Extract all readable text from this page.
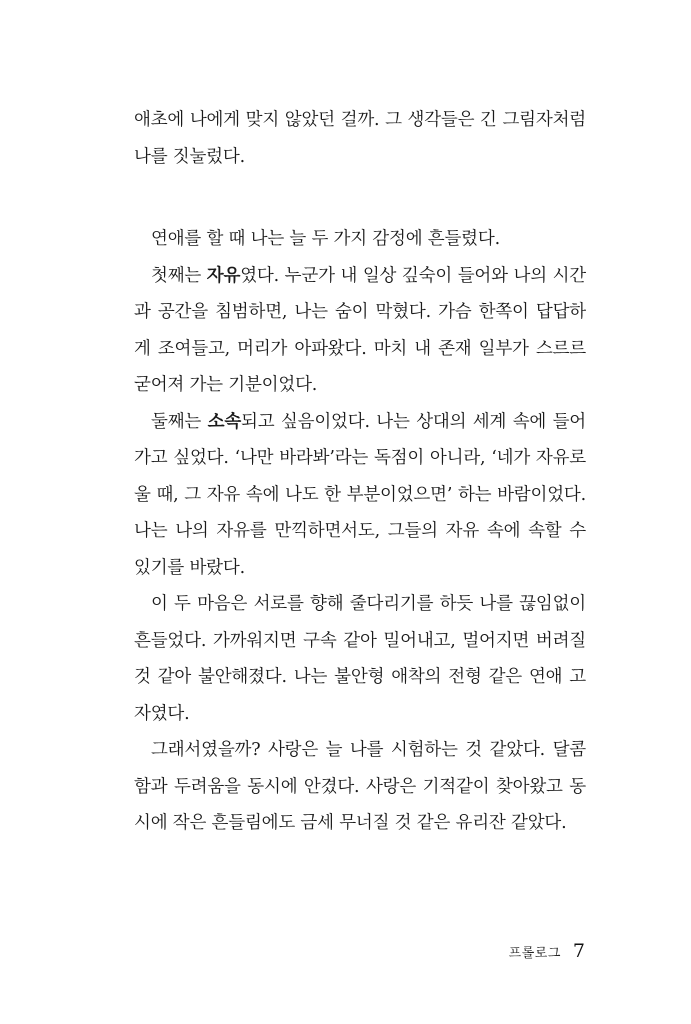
애초에 나에게 맞지 않았던 걸까. 그 생각들은 긴 그림자처럼 나를 짓눌렀다.

연애를 할 때 나는 늘 두 가지 감정에 흔들렸다.

첫째는 자유였다. 누군가 내 일상 깊숙이 들어와 나의 시간과 공간을 침범하면, 나는 숨이 막혔다. 가슴 한쪽이 답답하게 조여들고, 머리가 아파왔다. 마치 내 존재 일부가 스르르 굳어져 가는 기분이었다.

둘째는 소속되고 싶음이었다. 나는 상대의 세계 속에 들어가고 싶었다. ‘나만 바라봐’라는 독점이 아니라, ‘네가 자유로울 때, 그 자유 속에 나도 한 부분이었으면’ 하는 바람이었다. 나는 나의 자유를 만끽하면서도, 그들의 자유 속에 속할 수 있기를 바랐다.

이 두 마음은 서로를 향해 줄다리기를 하듯 나를 끊임없이 흔들었다. 가까워지면 구속 같아 밀어내고, 멀어지면 버려질 것 같아 불안해졌다. 나는 불안형 애착의 전형 같은 연애 고자였다.

그래서였을까? 사랑은 늘 나를 시험하는 것 같았다. 달콤함과 두려움을 동시에 안겼다. 사랑은 기적같이 찾아왔고 동시에 작은 흔들림에도 금세 무너질 것 같은 유리잔 같았다.

프롤로그 7
